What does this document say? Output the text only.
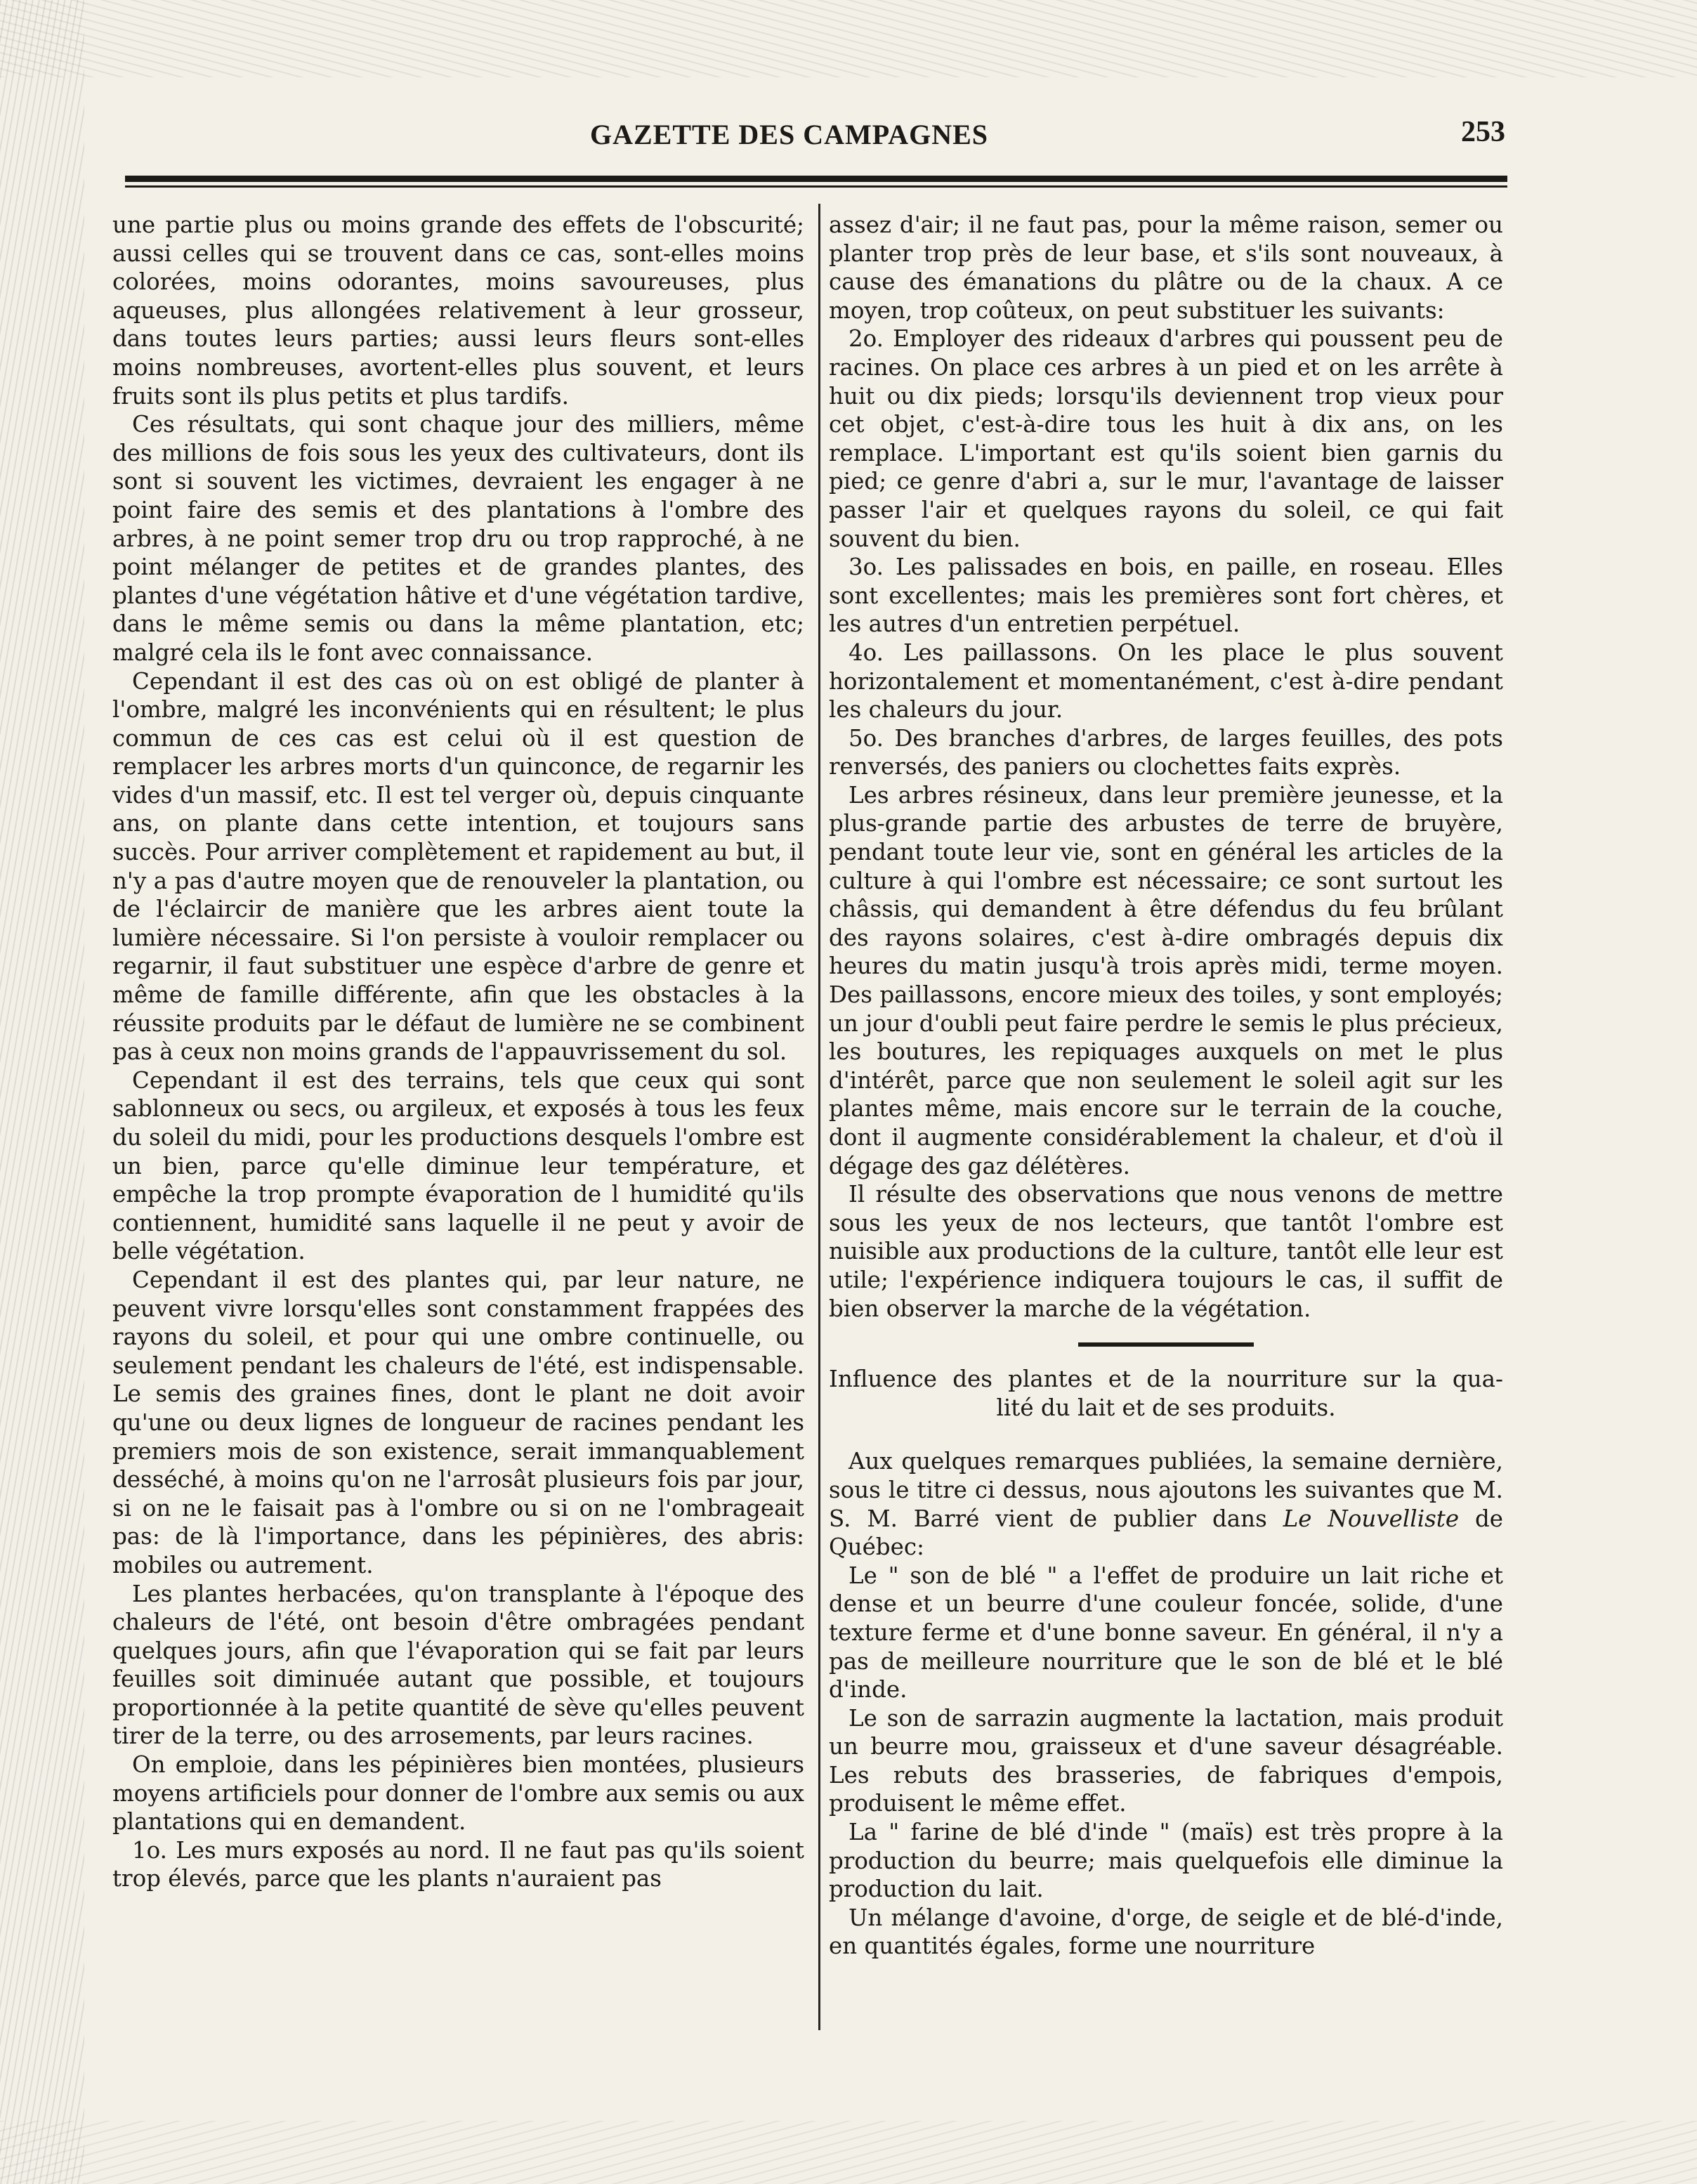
GAZETTE DES CAMPAGNES	253

une partie plus ou moins grande des effets de l'obscurité; aussi celles qui se trouvent dans ce cas, sont-elles moins colorées, moins odorantes, moins savoureuses, plus aqueuses, plus allongées relativement à leur grosseur, dans toutes leurs parties; aussi leurs fleurs sont-elles moins nombreuses, avortent-elles plus souvent, et leurs fruits sont ils plus petits et plus tardifs.

Ces résultats, qui sont chaque jour des milliers, même des millions de fois sous les yeux des cultivateurs, dont ils sont si souvent les victimes, devraient les engager à ne point faire des semis et des plantations à l'ombre des arbres, à ne point semer trop dru ou trop rapproché, à ne point mélanger de petites et de grandes plantes, des plantes d'une végétation hâtive et d'une végétation tardive, dans le même semis ou dans la même plantation, etc; malgré cela ils le font avec connaissance.

Cependant il est des cas où on est obligé de planter à l'ombre, malgré les inconvénients qui en résultent; le plus commun de ces cas est celui où il est question de remplacer les arbres morts d'un quinconce, de regarnir les vides d'un massif, etc. Il est tel verger où, depuis cinquante ans, on plante dans cette intention, et toujours sans succès. Pour arriver complètement et rapidement au but, il n'y a pas d'autre moyen que de renouveler la plantation, ou de l'éclaircir de manière que les arbres aient toute la lumière nécessaire. Si l'on persiste à vouloir remplacer ou regarnir, il faut substituer une espèce d'arbre de genre et même de famille différente, afin que les obstacles à la réussite produits par le défaut de lumière ne se combinent pas à ceux non moins grands de l'appauvrissement du sol.

Cependant il est des terrains, tels que ceux qui sont sablonneux ou secs, ou argileux, et exposés à tous les feux du soleil du midi, pour les productions desquels l'ombre est un bien, parce qu'elle diminue leur température, et empêche la trop prompte évaporation de l humidité qu'ils contiennent, humidité sans laquelle il ne peut y avoir de belle végétation.

Cependant il est des plantes qui, par leur nature, ne peuvent vivre lorsqu'elles sont constamment frappées des rayons du soleil, et pour qui une ombre continuelle, ou seulement pendant les chaleurs de l'été, est indispensable. Le semis des graines fines, dont le plant ne doit avoir qu'une ou deux lignes de longueur de racines pendant les premiers mois de son existence, serait immanquablement desséché, à moins qu'on ne l'arrosât plusieurs fois par jour, si on ne le faisait pas à l'ombre ou si on ne l'ombrageait pas: de là l'importance, dans les pépinières, des abris: mobiles ou autrement.

Les plantes herbacées, qu'on transplante à l'époque des chaleurs de l'été, ont besoin d'être ombragées pendant quelques jours, afin que l'évaporation qui se fait par leurs feuilles soit diminuée autant que possible, et toujours proportionnée à la petite quantité de sève qu'elles peuvent tirer de la terre, ou des arrosements, par leurs racines.

On emploie, dans les pépinières bien montées, plusieurs moyens artificiels pour donner de l'ombre aux semis ou aux plantations qui en demandent.

1o. Les murs exposés au nord. Il ne faut pas qu'ils soient trop élevés, parce que les plants n'auraient pas

assez d'air; il ne faut pas, pour la même raison, semer ou planter trop près de leur base, et s'ils sont nouveaux, à cause des émanations du plâtre ou de la chaux. A ce moyen, trop coûteux, on peut substituer les suivants:

2o. Employer des rideaux d'arbres qui poussent peu de racines. On place ces arbres à un pied et on les arrête à huit ou dix pieds; lorsqu'ils deviennent trop vieux pour cet objet, c'est-à-dire tous les huit à dix ans, on les remplace. L'important est qu'ils soient bien garnis du pied; ce genre d'abri a, sur le mur, l'avantage de laisser passer l'air et quelques rayons du soleil, ce qui fait souvent du bien.

3o. Les palissades en bois, en paille, en roseau. Elles sont excellentes; mais les premières sont fort chères, et les autres d'un entretien perpétuel.

4o. Les paillassons. On les place le plus souvent horizontalement et momentanément, c'est à-dire pendant les chaleurs du jour.

5o. Des branches d'arbres, de larges feuilles, des pots renversés, des paniers ou clochettes faits exprès.

Les arbres résineux, dans leur première jeunesse, et la plus-grande partie des arbustes de terre de bruyère, pendant toute leur vie, sont en général les articles de la culture à qui l'ombre est nécessaire; ce sont surtout les châssis, qui demandent à être défendus du feu brûlant des rayons solaires, c'est à-dire ombragés depuis dix heures du matin jusqu'à trois après midi, terme moyen. Des paillassons, encore mieux des toiles, y sont employés; un jour d'oubli peut faire perdre le semis le plus précieux, les boutures, les repiquages auxquels on met le plus d'intérêt, parce que non seulement le soleil agit sur les plantes même, mais encore sur le terrain de la couche, dont il augmente considérablement la chaleur, et d'où il dégage des gaz délétères.

Il résulte des observations que nous venons de mettre sous les yeux de nos lecteurs, que tantôt l'ombre est nuisible aux productions de la culture, tantôt elle leur est utile; l'expérience indiquera toujours le cas, il suffit de bien observer la marche de la végétation.

Influence des plantes et de la nourriture sur la qua-
lité du lait et de ses produits.

Aux quelques remarques publiées, la semaine dernière, sous le titre ci dessus, nous ajoutons les suivantes que M. S. M. Barré vient de publier dans Le Nouvelliste de Québec:

Le " son de blé " a l'effet de produire un lait riche et dense et un beurre d'une couleur foncée, solide, d'une texture ferme et d'une bonne saveur. En général, il n'y a pas de meilleure nourriture que le son de blé et le blé d'inde.

Le son de sarrazin augmente la lactation, mais produit un beurre mou, graisseux et d'une saveur désagréable. Les rebuts des brasseries, de fabriques d'empois, produisent le même effet.

La " farine de blé d'inde " (maïs) est très propre à la production du beurre; mais quelquefois elle diminue la production du lait.

Un mélange d'avoine, d'orge, de seigle et de blé-d'inde, en quantités égales, forme une nourriture
